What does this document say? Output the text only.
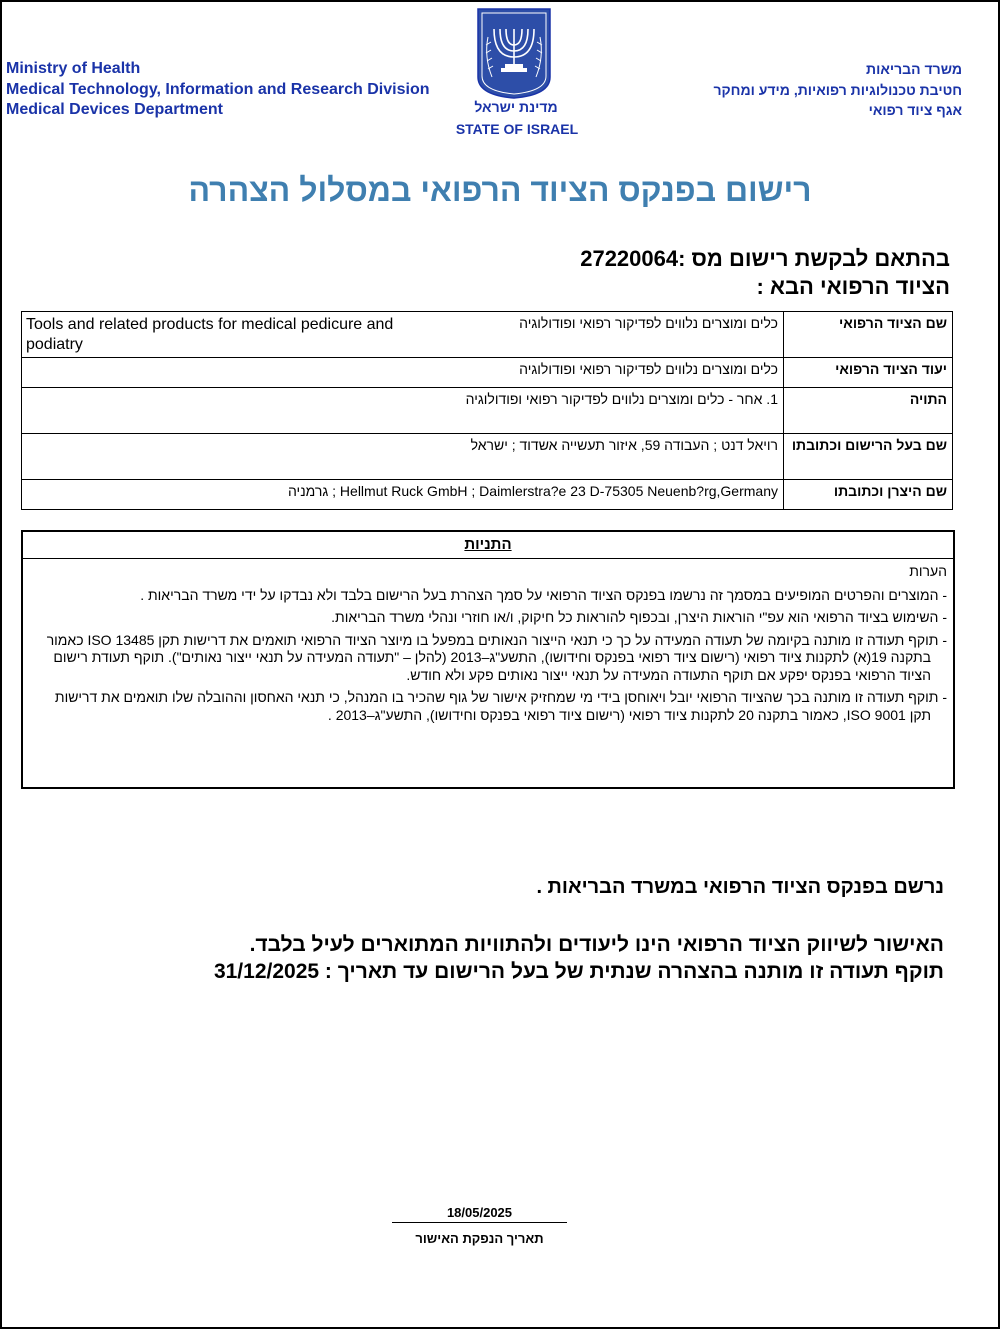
Ministry of Health
Medical Technology, Information and Research Division
Medical Devices Department	מדינת ישראל
STATE OF ISRAEL
משרד הבריאות
חטיבת טכנולוגיות רפואיות, מידע ומחקר
אגף ציוד רפואי
רישום בפנקס הציוד הרפואי במסלול הצהרה
בהתאם לבקשת רישום מס :27220064
הציוד הרפואי הבא :
שם הציוד הרפואי	כלים ומוצרים נלווים לפדיקור רפואי ופודולוגיה
Tools and related products for medical pedicure and podiatry

יעוד הציוד הרפואי	כלים ומוצרים נלווים לפדיקור רפואי ופודולוגיה
התויה	1. אחר - כלים ומוצרים נלווים לפדיקור רפואי ופודולוגיה
שם בעל הרישום וכתובתו	רויאל דנט ; העבודה 59, איזור תעשייה אשדוד ; ישראל
שם היצרן וכתובתו	Hellmut Ruck GmbH ; Daimlerstra?e 23 D-75305 Neuenb?rg,Germany ; גרמניה
התניות

הערות

- המוצרים והפרטים המופיעים במסמך זה נרשמו בפנקס הציוד הרפואי על סמך הצהרת בעל הרישום בלבד ולא נבדקו על ידי משרד הבריאות .

- השימוש בציוד הרפואי הוא עפ"י הוראות היצרן, ובכפוף להוראות כל חיקוק, ו/או חוזרי ונהלי משרד הבריאות.

- תוקף תעודה זו מותנה בקיומה של תעודה המעידה על כך כי תנאי הייצור הנאותים במפעל בו מיוצר הציוד הרפואי תואמים את דרישות תקן ISO 13485 כאמור בתקנה 19(א) לתקנות ציוד רפואי (רישום ציוד רפואי בפנקס וחידושו), התשע"ג–2013 (להלן – "תעודה המעידה על תנאי ייצור נאותים"). תוקף תעודת רישום הציוד הרפואי בפנקס יפקע אם תוקף התעודה המעידה על תנאי ייצור נאותים פקע ולא חודש.

- תוקף תעודה זו מותנה בכך שהציוד הרפואי יובל ויאוחסן בידי מי שמחזיק אישור של גוף שהכיר בו המנהל, כי תנאי האחסון וההובלה שלו תואמים את דרישות תקן ISO 9001, כאמור בתקנה 20 לתקנות ציוד רפואי (רישום ציוד רפואי בפנקס וחידושו), התשע"ג–2013 .

נרשם בפנקס הציוד הרפואי במשרד הבריאות .
האישור לשיווק הציוד הרפואי הינו ליעודים ולהתוויות המתוארים לעיל בלבד.
תוקף תעודה זו מותנה בהצהרה שנתית של בעל הרישום עד תאריך : 31/12/2025
18/05/2025
תאריך הנפקת האישור
